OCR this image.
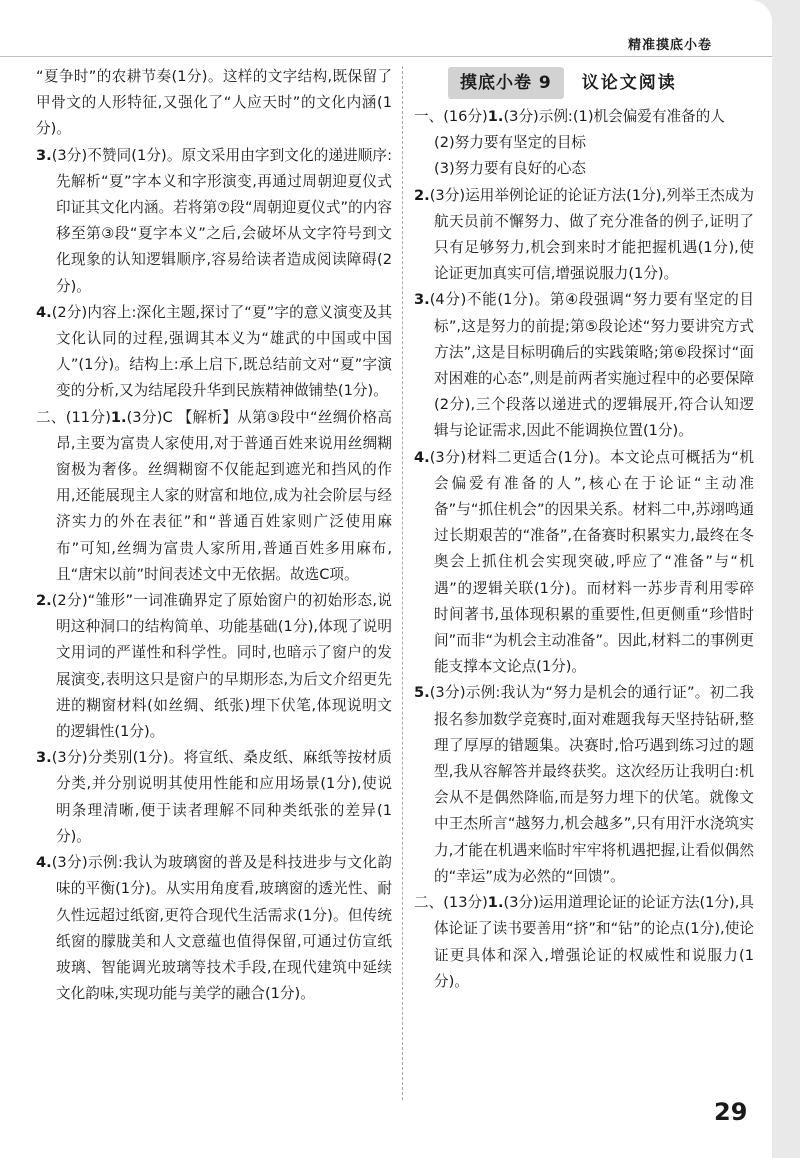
精准摸底小卷

“夏争时”的农耕节奏(1分)。这样的文字结构,既保留了甲骨文的人形特征,又强化了“人应天时”的文化内涵(1分)。

3.(3分)不赞同(1分)。原文采用由字到文化的递进顺序:先解析“夏”字本义和字形演变,再通过周朝迎夏仪式印证其文化内涵。若将第⑦段“周朝迎夏仪式”的内容移至第③段“夏字本义”之后,会破坏从文字符号到文化现象的认知逻辑顺序,容易给读者造成阅读障碍(2分)。

4.(2分)内容上:深化主题,探讨了“夏”字的意义演变及其文化认同的过程,强调其本义为“雄武的中国或中国人”(1分)。结构上:承上启下,既总结前文对“夏”字演变的分析,又为结尾段升华到民族精神做铺垫(1分)。

二、(11分)1.(3分)C 【解析】从第③段中“丝绸价格高昂,主要为富贵人家使用,对于普通百姓来说用丝绸糊窗极为奢侈。丝绸糊窗不仅能起到遮光和挡风的作用,还能展现主人家的财富和地位,成为社会阶层与经济实力的外在表征”和“普通百姓家则广泛使用麻布”可知,丝绸为富贵人家所用,普通百姓多用麻布,且“唐宋以前”时间表述文中无依据。故选C项。

2.(2分)“雏形”一词准确界定了原始窗户的初始形态,说明这种洞口的结构简单、功能基础(1分),体现了说明文用词的严谨性和科学性。同时,也暗示了窗户的发展演变,表明这只是窗户的早期形态,为后文介绍更先进的糊窗材料(如丝绸、纸张)埋下伏笔,体现说明文的逻辑性(1分)。

3.(3分)分类别(1分)。将宣纸、桑皮纸、麻纸等按材质分类,并分别说明其使用性能和应用场景(1分),使说明条理清晰,便于读者理解不同种类纸张的差异(1分)。

4.(3分)示例:我认为玻璃窗的普及是科技进步与文化韵味的平衡(1分)。从实用角度看,玻璃窗的透光性、耐久性远超过纸窗,更符合现代生活需求(1分)。但传统纸窗的朦胧美和人文意蕴也值得保留,可通过仿宣纸玻璃、智能调光玻璃等技术手段,在现代建筑中延续文化韵味,实现功能与美学的融合(1分)。

摸底小卷 9	议论文阅读

一、(16分)1.(3分)示例:(1)机会偏爱有准备的人

(2)努力要有坚定的目标

(3)努力要有良好的心态

2.(3分)运用举例论证的论证方法(1分),列举王杰成为航天员前不懈努力、做了充分准备的例子,证明了只有足够努力,机会到来时才能把握机遇(1分),使论证更加真实可信,增强说服力(1分)。

3.(4分)不能(1分)。第④段强调“努力要有坚定的目标”,这是努力的前提;第⑤段论述“努力要讲究方式方法”,这是目标明确后的实践策略;第⑥段探讨“面对困难的心态”,则是前两者实施过程中的必要保障(2分),三个段落以递进式的逻辑展开,符合认知逻辑与论证需求,因此不能调换位置(1分)。

4.(3分)材料二更适合(1分)。本文论点可概括为“机会偏爱有准备的人”,核心在于论证“主动准备”与“抓住机会”的因果关系。材料二中,苏翊鸣通过长期艰苦的“准备”,在备赛时积累实力,最终在冬奥会上抓住机会实现突破,呼应了“准备”与“机遇”的逻辑关联(1分)。而材料一苏步青利用零碎时间著书,虽体现积累的重要性,但更侧重“珍惜时间”而非“为机会主动准备”。因此,材料二的事例更能支撑本文论点(1分)。

5.(3分)示例:我认为“努力是机会的通行证”。初二我报名参加数学竞赛时,面对难题我每天坚持钻研,整理了厚厚的错题集。决赛时,恰巧遇到练习过的题型,我从容解答并最终获奖。这次经历让我明白:机会从不是偶然降临,而是努力埋下的伏笔。就像文中王杰所言“越努力,机会越多”,只有用汗水浇筑实力,才能在机遇来临时牢牢将机遇把握,让看似偶然的“幸运”成为必然的“回馈”。

二、(13分)1.(3分)运用道理论证的论证方法(1分),具体论证了读书要善用“挤”和“钻”的论点(1分),使论证更具体和深入,增强论证的权威性和说服力(1分)。

29
